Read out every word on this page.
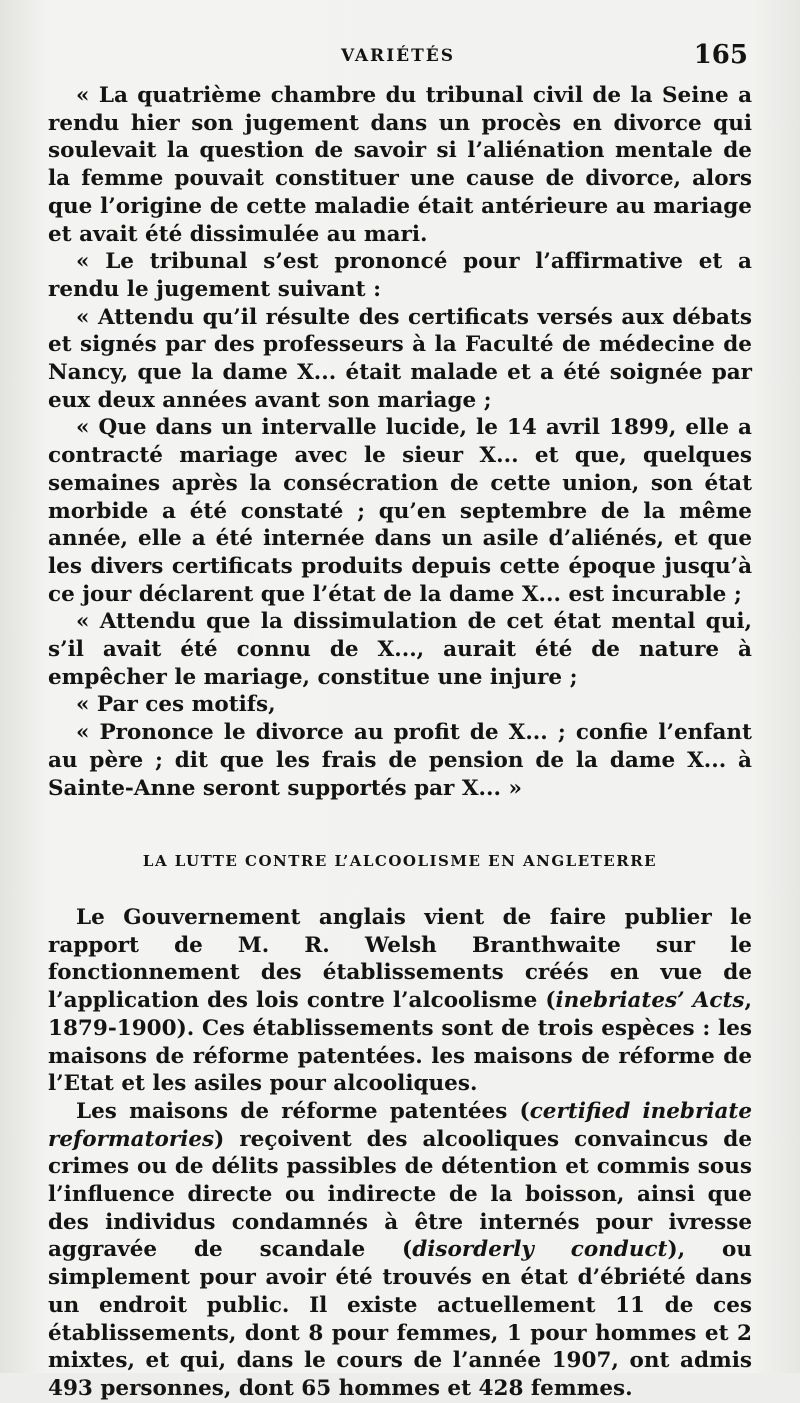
VARIÉTÉS	165

« La quatrième chambre du tribunal civil de la Seine a rendu hier son jugement dans un procès en divorce qui soulevait la question de savoir si l’aliénation mentale de la femme pouvait constituer une cause de divorce, alors que l’origine de cette maladie était antérieure au mariage et avait été dissimulée au mari.

« Le tribunal s’est prononcé pour l’affirmative et a rendu le jugement suivant :

« Attendu qu’il résulte des certificats versés aux débats et signés par des professeurs à la Faculté de médecine de Nancy, que la dame X... était malade et a été soignée par eux deux années avant son mariage ;

« Que dans un intervalle lucide, le 14 avril 1899, elle a contracté mariage avec le sieur X... et que, quelques semaines après la consécration de cette union, son état morbide a été constaté ; qu’en septembre de la même année, elle a été internée dans un asile d’aliénés, et que les divers certificats produits depuis cette époque jusqu’à ce jour déclarent que l’état de la dame X... est incurable ;

« Attendu que la dissimulation de cet état mental qui, s’il avait été connu de X..., aurait été de nature à empêcher le mariage, constitue une injure ;

« Par ces motifs,

« Prononce le divorce au profit de X... ; confie l’enfant au père ; dit que les frais de pension de la dame X... à Sainte-Anne seront supportés par X... »

LA LUTTE CONTRE L’ALCOOLISME EN ANGLETERRE

Le Gouvernement anglais vient de faire publier le rapport de M. R. Welsh Branthwaite sur le fonctionnement des établissements créés en vue de l’application des lois contre l’alcoolisme (inebriates’ Acts, 1879-1900). Ces établissements sont de trois espèces : les maisons de réforme patentées. les maisons de réforme de l’Etat et les asiles pour alcooliques.

Les maisons de réforme patentées (certified inebriate reformatories) reçoivent des alcooliques convaincus de crimes ou de délits passibles de détention et commis sous l’influence directe ou indirecte de la boisson, ainsi que des individus condamnés à être internés pour ivresse aggravée de scandale (disorderly conduct), ou simplement pour avoir été trouvés en état d’ébriété dans un endroit public. Il existe actuellement 11 de ces établissements, dont 8 pour femmes, 1 pour hommes et 2 mixtes, et qui, dans le cours de l’année 1907, ont admis 493 personnes, dont 65 hommes et 428 femmes.
